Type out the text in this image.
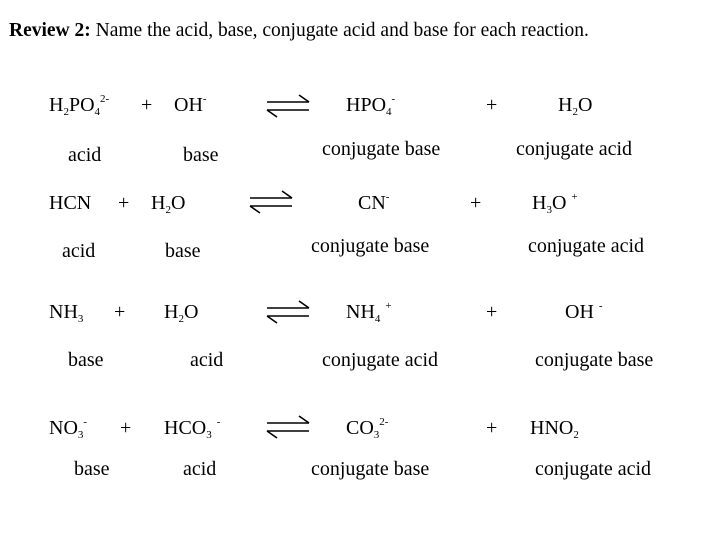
Review 2: Name the acid, base, conjugate acid and base for each reaction.
$H_2PO_4^{2-} + OH^-$	$HPO_4^-$	+	$H_2O$
acid	base	conjugate base	conjugate acid
HCN + $H_2O$	CN-	+	$H_3O$ +
acid	base	conjugate base	conjugate acid
$NH_3 + H_2O$	$NH_4$ +	+	OH -
base	acid	conjugate acid	conjugate base
$NO_3^- + HCO_3$ -	$CO_3^{2-}$	+ $HNO_2$
base	acid	conjugate base	conjugate acid
